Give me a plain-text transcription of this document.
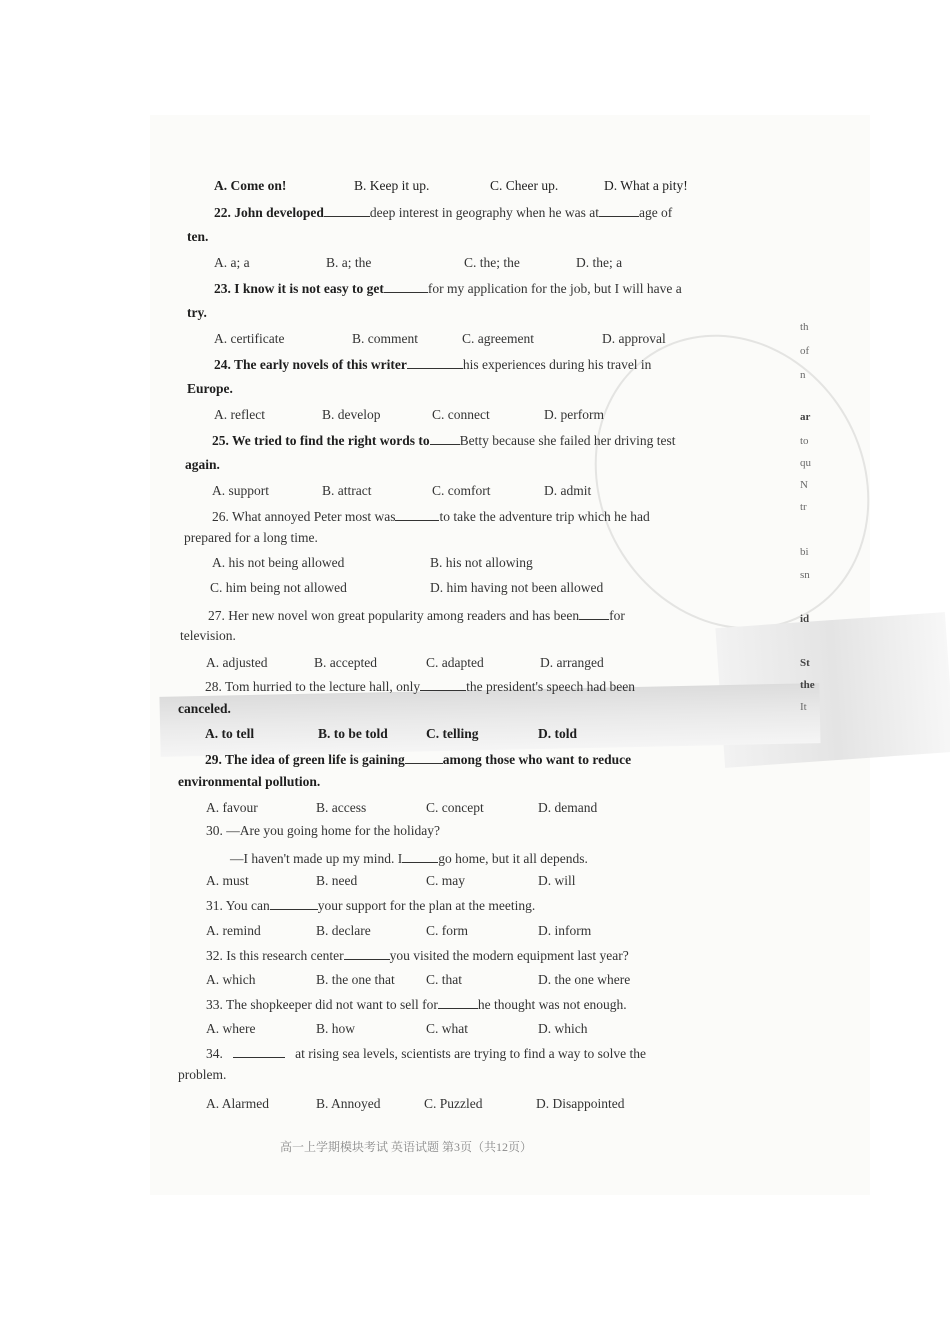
A. Come on!	B. Keep it up.	C. Cheer up.	D. What a pity!
22. John developed	deep interest in geography when he was at	age of
ten.
A. a; a	B. a; the	C. the; the	D. the; a
23. I know it is not easy to get	for my application for the job, but I will have a
try.
A. certificate	B. comment	C. agreement	D. approval
24. The early novels of this writer	his experiences during his travel in
Europe.
A. reflect	B. develop	C. connect	D. perform
25. We tried to find the right words to Betty because she failed her driving test
again.
A. support	B. attract	C. comfort	D. admit
26. What annoyed Peter most was	to take the adventure trip which he had
prepared for a long time.
A. his not being allowed	B. his not allowing
C. him being not allowed	D. him having not been allowed
27. Her new novel won great popularity among readers and has been for
television.
A. adjusted	B. accepted	C. adapted	D. arranged
28. Tom hurried to the lecture hall, only	the president's speech had been
canceled.
A. to tell	B. to be told	C. telling	D. told
29. The idea of green life is gaining	among those who want to reduce
environmental pollution.
A. favour	B. access	C. concept	D. demand
30. —Are you going home for the holiday?
—I haven't made up my mind. I	go home, but it all depends.
A. must	B. need	C. may	D. will
31. You can	your support for the plan at the meeting.
A. remind	B. declare	C. form	D. inform
32. Is this research center	you visited the modern equipment last year?
A. which	B. the one that C. that	D. the one where
33. The shopkeeper did not want to sell for	he thought was not enough.
A. where	B. how	C. what	D. which
34.	at rising sea levels, scientists are trying to find a way to solve the
problem.
A. Alarmed	B. Annoyed	C. Puzzled	D. Disappointed
th
of
n
ar
to
qu
N
tr
bi
sn
id
St
the
It
高一上学期模块考试 英语试题 第3页（共12页）
